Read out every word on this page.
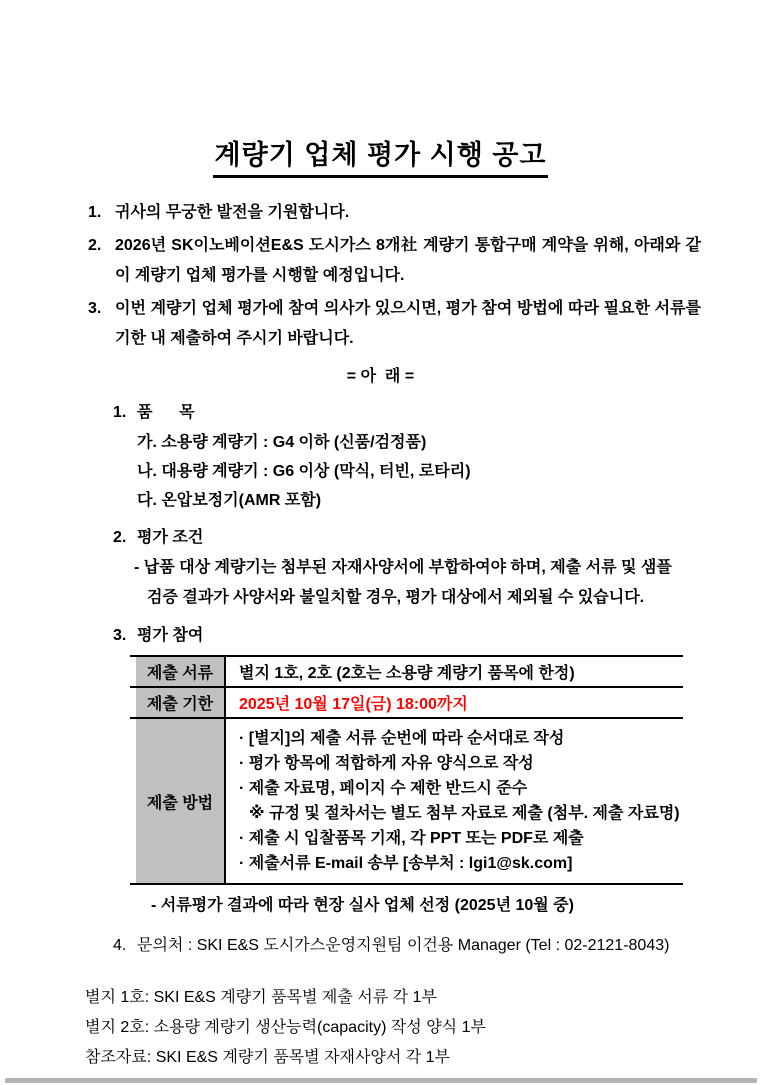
계량기 업체 평가 시행 공고
1. 귀사의 무궁한 발전을 기원합니다.
2. 2026년 SK이노베이션E&S 도시가스 8개社 계량기 통합구매 계약을 위해, 아래와 같이 계량기 업체 평가를 시행할 예정입니다.
3. 이번 계량기 업체 평가에 참여 의사가 있으시면, 평가 참여 방법에 따라 필요한 서류를 기한 내 제출하여 주시기 바랍니다.
= 아  래 =
1. 품      목
가. 소용량 계량기 : G4 이하 (신품/검정품)
나. 대용량 계량기 : G6 이상 (막식, 터빈, 로타리)
다. 온압보정기(AMR 포함)
2. 평가 조건
- 납품 대상 계량기는 첨부된 자재사양서에 부합하여야 하며, 제출 서류 및 샘플
검증 결과가 사양서와 불일치할 경우, 평가 대상에서 제외될 수 있습니다.
3. 평가 참여
제출 서류	별지 1호, 2호 (2호는 소용량 계량기 품목에 한정)
제출 기한	2025년 10월 17일(금) 18:00까지
제출 방법
· [별지]의 제출 서류 순번에 따라 순서대로 작성
· 평가 항목에 적합하게 자유 양식으로 작성
· 제출 자료명, 페이지 수 제한 반드시 준수
※ 규정 및 절차서는 별도 첨부 자료로 제출 (첨부. 제출 자료명)
· 제출 시 입찰품목 기재, 각 PPT 또는 PDF로 제출
· 제출서류 E-mail 송부 [송부처 : lgi1@sk.com]
- 서류평가 결과에 따라 현장 실사 업체 선정 (2025년 10월 중)
4. 문의처 : SKI E&S 도시가스운영지원팀 이건용 Manager (Tel : 02-2121-8043)
별지 1호: SKI E&S 계량기 품목별 제출 서류 각 1부
별지 2호: 소용량 계량기 생산능력(capacity) 작성 양식 1부
참조자료: SKI E&S 계량기 품목별 자재사양서 각 1부
